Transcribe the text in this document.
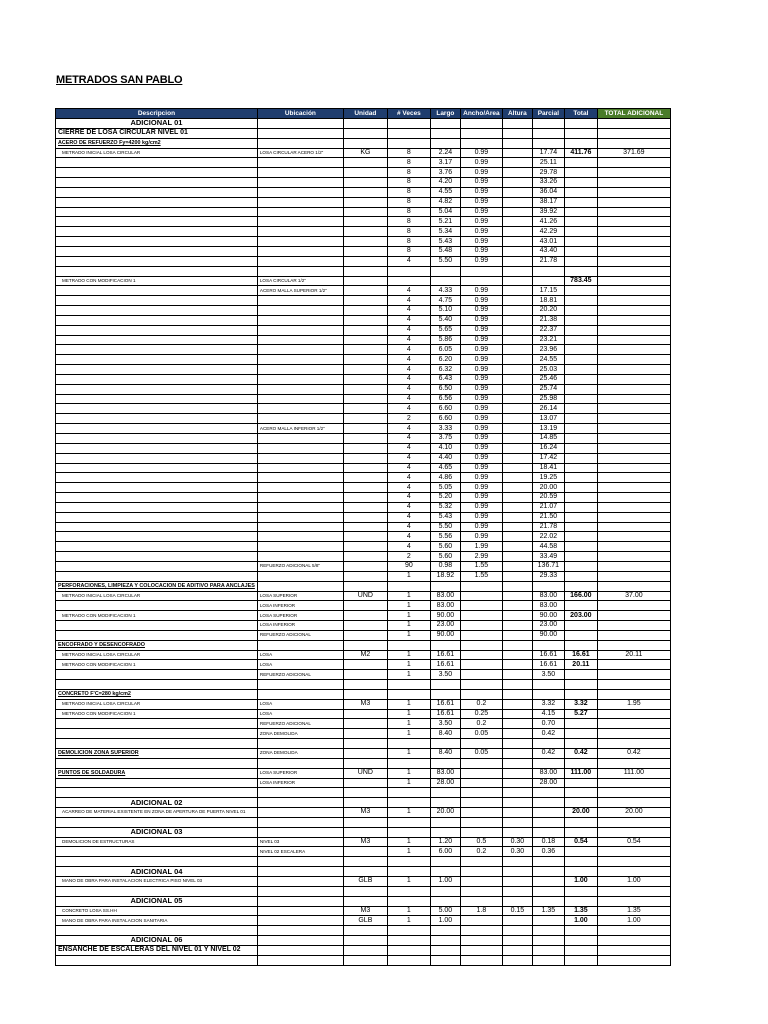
METRADOS SAN PABLO
Descripcion	Ubicación	Unidad	# Veces	Largo	Ancho/Area	Altura	Parcial	Total	TOTAL ADICIONAL
ADICIONAL 01									
CIERRE DE LOSA CIRCULAR NIVEL 01									
ACERO DE REFUERZO Fy=4200 kg/cm2									
METRADO INICIAL LOSA CIRCULAR	LOSA CIRCULAR ACERO 1/2"	KG	8	2.24	0.99		17.74	411.76	371.69
			8	3.17	0.99		25.11		
			8	3.76	0.99		29.78		
			8	4.20	0.99		33.26		
			8	4.55	0.99		36.04		
			8	4.82	0.99		38.17		
			8	5.04	0.99		39.92		
			8	5.21	0.99		41.26		
			8	5.34	0.99		42.29		
			8	5.43	0.99		43.01		
			8	5.48	0.99		43.40		
			4	5.50	0.99		21.78		

METRADO CON MODIFICACION 1	LOSA CIRCULAR 1/2"							783.45	
	ACERO MALLA SUPERIOR 1/2"		4	4.33	0.99		17.15		
			4	4.75	0.99		18.81		
			4	5.10	0.99		20.20		
			4	5.40	0.99		21.38		
			4	5.65	0.99		22.37		
			4	5.86	0.99		23.21		
			4	6.05	0.99		23.96		
			4	6.20	0.99		24.55		
			4	6.32	0.99		25.03		
			4	6.43	0.99		25.46		
			4	6.50	0.99		25.74		
			4	6.56	0.99		25.98		
			4	6.60	0.99		26.14		
			2	6.60	0.99		13.07		
	ACERO MALLA INFERIOR 1/2"		4	3.33	0.99		13.19		
			4	3.75	0.99		14.85		
			4	4.10	0.99		16.24		
			4	4.40	0.99		17.42		
			4	4.65	0.99		18.41		
			4	4.86	0.99		19.25		
			4	5.05	0.99		20.00		
			4	5.20	0.99		20.59		
			4	5.32	0.99		21.07		
			4	5.43	0.99		21.50		
			4	5.50	0.99		21.78		
			4	5.56	0.99		22.02		
			4	5.60	1.99		44.58		
			2	5.60	2.99		33.49		
	REFUERZO ADICIONAL 5/8"		90	0.98	1.55		136.71		
			1	18.92	1.55		29.33		
PERFORACIONES, LIMPIEZA Y COLOCACION DE ADITIVO PARA ANCLAJES									
METRADO INICIAL LOSA CIRCULAR	LOSA SUPERIOR	UND	1	83.00			83.00	166.00	37.00
	LOSA INFERIOR		1	83.00			83.00		
METRADO CON MODIFICACION 1	LOSA SUPERIOR		1	90.00			90.00	203.00	
	LOSA INFERIOR		1	23.00			23.00		
	REFUERZO ADICIONAL		1	90.00			90.00		
ENCOFRADO Y DESENCOFRADO									
METRADO INICIAL LOSA CIRCULAR	LOSA	M2	1	16.61			16.61	16.61	20.11
METRADO CON MODIFICACION 1	LOSA		1	16.61			16.61	20.11	
	REFUERZO ADICIONAL		1	3.50			3.50		

CONCRETO F'C=280 kg/cm2									
METRADO INICIAL LOSA CIRCULAR	LOSA	M3	1	16.61	0.2		3.32	3.32	1.95
METRADO CON MODIFICACION 1	LOSA		1	16.61	0.25		4.15	5.27	
	REFUERZO ADICIONAL		1	3.50	0.2		0.70		
	ZONA DEMOLIDA		1	8.40	0.05		0.42		

DEMOLICION ZONA SUPERIOR	ZONA DEMOLIDA		1	8.40	0.05		0.42	0.42	0.42

PUNTOS DE SOLDADURA	LOSA SUPERIOR	UND	1	83.00			83.00	111.00	111.00
	LOSA INFERIOR		1	28.00			28.00		

ADICIONAL 02									
ACARREO DE MATERIAL EXISTENTE EN ZONA DE APERTURA DE PUERTA NIVEL 01		M3	1	20.00				20.00	20.00

ADICIONAL 03									
DEMOLICION DE ESTRUCTURAS	NIVEL 03	M3	1	1.20	0.5	0.30	0.18	0.54	0.54
	NIVEL 02 ESCALERA		1	6.00	0.2	0.30	0.36		

ADICIONAL 04									
MANO DE OBRA PARA INSTALACION ELECTRICA PISO NIVEL 03		GLB	1	1.00				1.00	1.00

ADICIONAL 05									
CONCRETO LOSA SS.HH		M3	1	5.00	1.8	0.15	1.35	1.35	1.35
MANO DE OBRA PARA INSTALACION SANITARIA		GLB	1	1.00				1.00	1.00

ADICIONAL 06									
ENSANCHE DE ESCALERAS DEL NIVEL 01 Y NIVEL 02									
